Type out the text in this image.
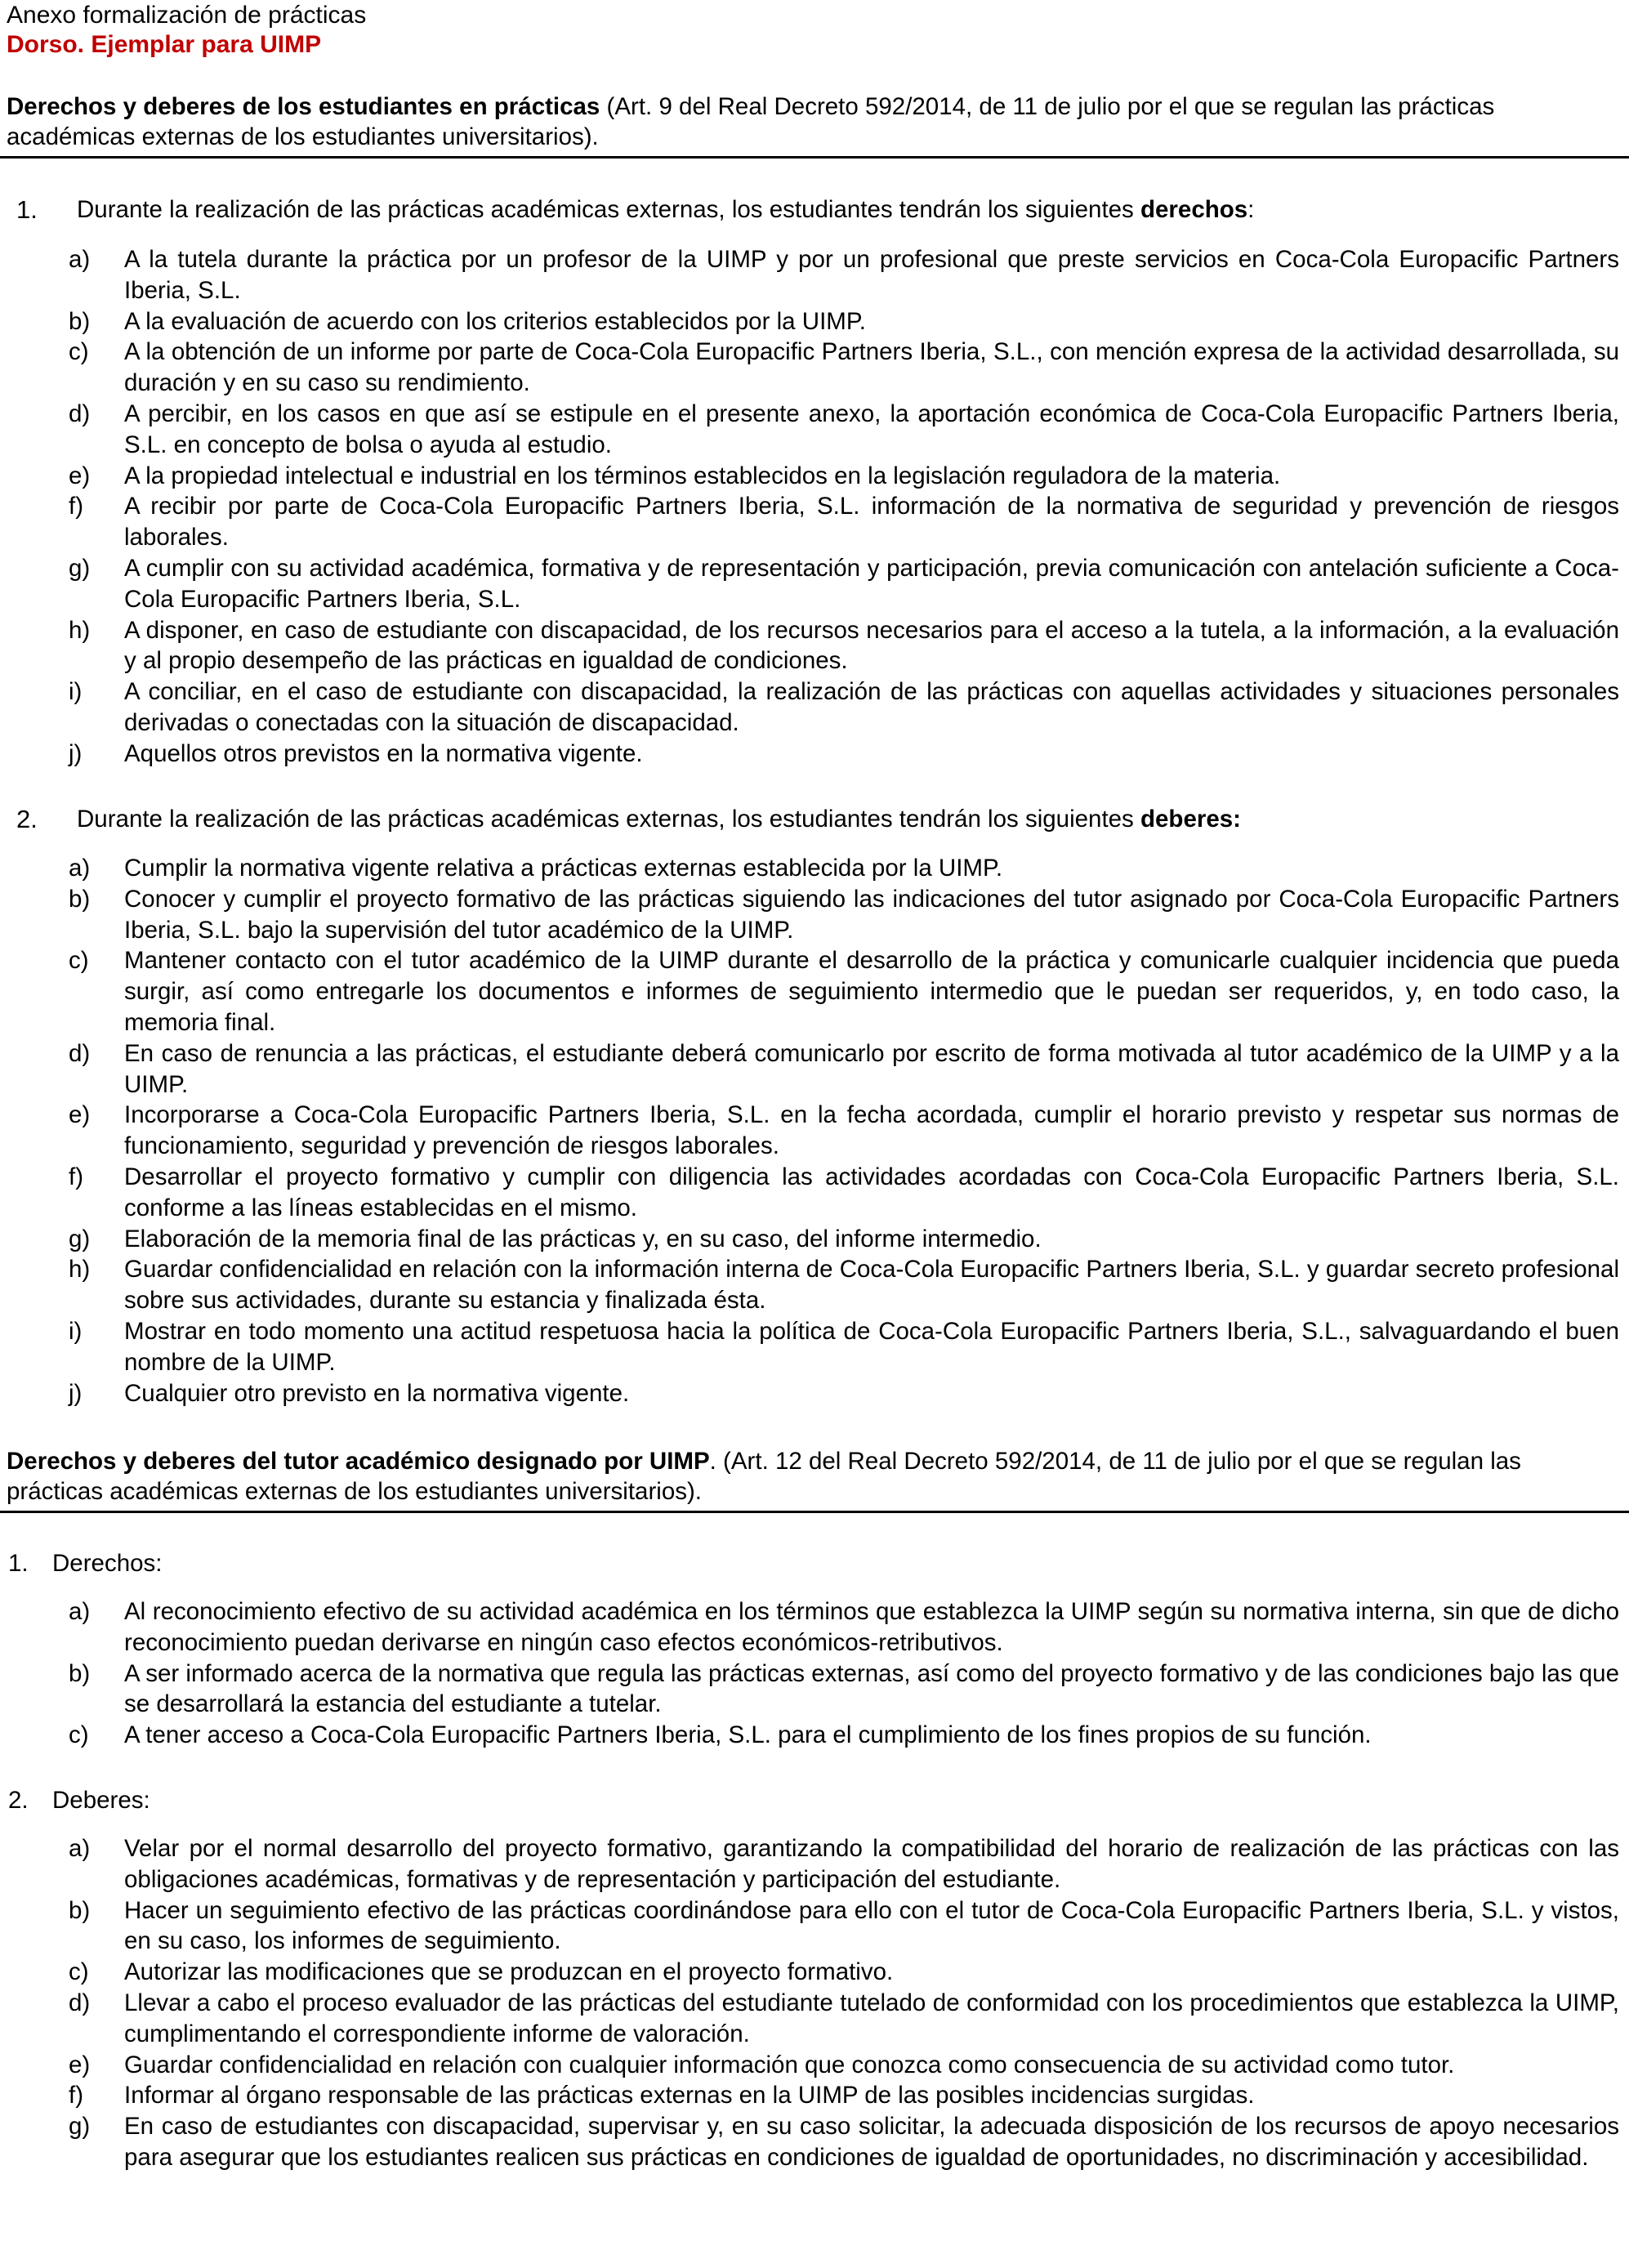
Anexo formalización de prácticas
Dorso. Ejemplar para UIMP
Derechos y deberes de los estudiantes en prácticas (Art. 9 del Real Decreto 592/2014, de 11 de julio por el que se regulan las prácticas académicas externas de los estudiantes universitarios).
1. Durante la realización de las prácticas académicas externas, los estudiantes tendrán los siguientes derechos:
a) A la tutela durante la práctica por un profesor de la UIMP y por un profesional que preste servicios en Coca-Cola Europacific Partners Iberia, S.L.
b) A la evaluación de acuerdo con los criterios establecidos por la UIMP.
c) A la obtención de un informe por parte de Coca-Cola Europacific Partners Iberia, S.L., con mención expresa de la actividad desarrollada, su duración y en su caso su rendimiento.
d) A percibir, en los casos en que así se estipule en el presente anexo, la aportación económica de Coca-Cola Europacific Partners Iberia, S.L. en concepto de bolsa o ayuda al estudio.
e) A la propiedad intelectual e industrial en los términos establecidos en la legislación reguladora de la materia.
f) A recibir por parte de Coca-Cola Europacific Partners Iberia, S.L. información de la normativa de seguridad y prevención de riesgos laborales.
g) A cumplir con su actividad académica, formativa y de representación y participación, previa comunicación con antelación suficiente a Coca-Cola Europacific Partners Iberia, S.L.
h) A disponer, en caso de estudiante con discapacidad, de los recursos necesarios para el acceso a la tutela, a la información, a la evaluación y al propio desempeño de las prácticas en igualdad de condiciones.
i) A conciliar, en el caso de estudiante con discapacidad, la realización de las prácticas con aquellas actividades y situaciones personales derivadas o conectadas con la situación de discapacidad.
j) Aquellos otros previstos en la normativa vigente.
2. Durante la realización de las prácticas académicas externas, los estudiantes tendrán los siguientes deberes:
a) Cumplir la normativa vigente relativa a prácticas externas establecida por la UIMP.
b) Conocer y cumplir el proyecto formativo de las prácticas siguiendo las indicaciones del tutor asignado por Coca-Cola Europacific Partners Iberia, S.L. bajo la supervisión del tutor académico de la UIMP.
c) Mantener contacto con el tutor académico de la UIMP durante el desarrollo de la práctica y comunicarle cualquier incidencia que pueda surgir, así como entregarle los documentos e informes de seguimiento intermedio que le puedan ser requeridos, y, en todo caso, la memoria final.
d) En caso de renuncia a las prácticas, el estudiante deberá comunicarlo por escrito de forma motivada al tutor académico de la UIMP y a la UIMP.
e) Incorporarse a Coca-Cola Europacific Partners Iberia, S.L. en la fecha acordada, cumplir el horario previsto y respetar sus normas de funcionamiento, seguridad y prevención de riesgos laborales.
f) Desarrollar el proyecto formativo y cumplir con diligencia las actividades acordadas con Coca-Cola Europacific Partners Iberia, S.L. conforme a las líneas establecidas en el mismo.
g) Elaboración de la memoria final de las prácticas y, en su caso, del informe intermedio.
h) Guardar confidencialidad en relación con la información interna de Coca-Cola Europacific Partners Iberia, S.L. y guardar secreto profesional sobre sus actividades, durante su estancia y finalizada ésta.
i) Mostrar en todo momento una actitud respetuosa hacia la política de Coca-Cola Europacific Partners Iberia, S.L., salvaguardando el buen nombre de la UIMP.
j) Cualquier otro previsto en la normativa vigente.
Derechos y deberes del tutor académico designado por UIMP. (Art. 12 del Real Decreto 592/2014, de 11 de julio por el que se regulan las prácticas académicas externas de los estudiantes universitarios).
1. Derechos:
a) Al reconocimiento efectivo de su actividad académica en los términos que establezca la UIMP según su normativa interna, sin que de dicho reconocimiento puedan derivarse en ningún caso efectos económicos-retributivos.
b) A ser informado acerca de la normativa que regula las prácticas externas, así como del proyecto formativo y de las condiciones bajo las que se desarrollará la estancia del estudiante a tutelar.
c) A tener acceso a Coca-Cola Europacific Partners Iberia, S.L. para el cumplimiento de los fines propios de su función.
2. Deberes:
a) Velar por el normal desarrollo del proyecto formativo, garantizando la compatibilidad del horario de realización de las prácticas con las obligaciones académicas, formativas y de representación y participación del estudiante.
b) Hacer un seguimiento efectivo de las prácticas coordinándose para ello con el tutor de Coca-Cola Europacific Partners Iberia, S.L. y vistos, en su caso, los informes de seguimiento.
c) Autorizar las modificaciones que se produzcan en el proyecto formativo.
d) Llevar a cabo el proceso evaluador de las prácticas del estudiante tutelado de conformidad con los procedimientos que establezca la UIMP, cumplimentando el correspondiente informe de valoración.
e) Guardar confidencialidad en relación con cualquier información que conozca como consecuencia de su actividad como tutor.
f) Informar al órgano responsable de las prácticas externas en la UIMP de las posibles incidencias surgidas.
g) En caso de estudiantes con discapacidad, supervisar y, en su caso solicitar, la adecuada disposición de los recursos de apoyo necesarios para asegurar que los estudiantes realicen sus prácticas en condiciones de igualdad de oportunidades, no discriminación y accesibilidad.
